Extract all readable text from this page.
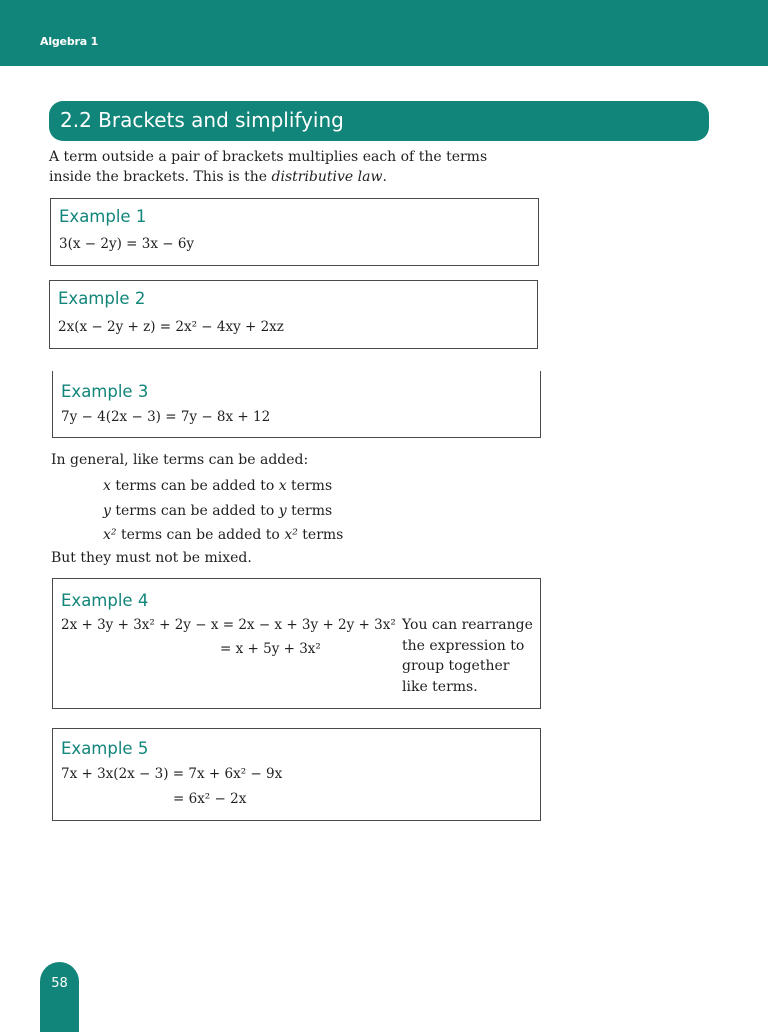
Algebra 1
2.2 Brackets and simplifying

A term outside a pair of brackets multiplies each of the terms
inside the brackets. This is the distributive law.

Example 1
3(x − 2y) = 3x − 6y
Example 2
2x(x − 2y + z) = 2x² − 4xy + 2xz
Example 3
7y − 4(2x − 3) = 7y − 8x + 12

In general, like terms can be added:

x terms can be added to x terms
y terms can be added to y terms
x² terms can be added to x² terms

But they must not be mixed.

Example 4
2x + 3y + 3x² + 2y − x = 2x − x + 3y + 2y + 3x²
= x + 5y + 3x²

You can rearrange
the expression to
group together
like terms.

Example 5
7x + 3x(2x − 3) = 7x + 6x² − 9x
= 6x² − 2x
58
